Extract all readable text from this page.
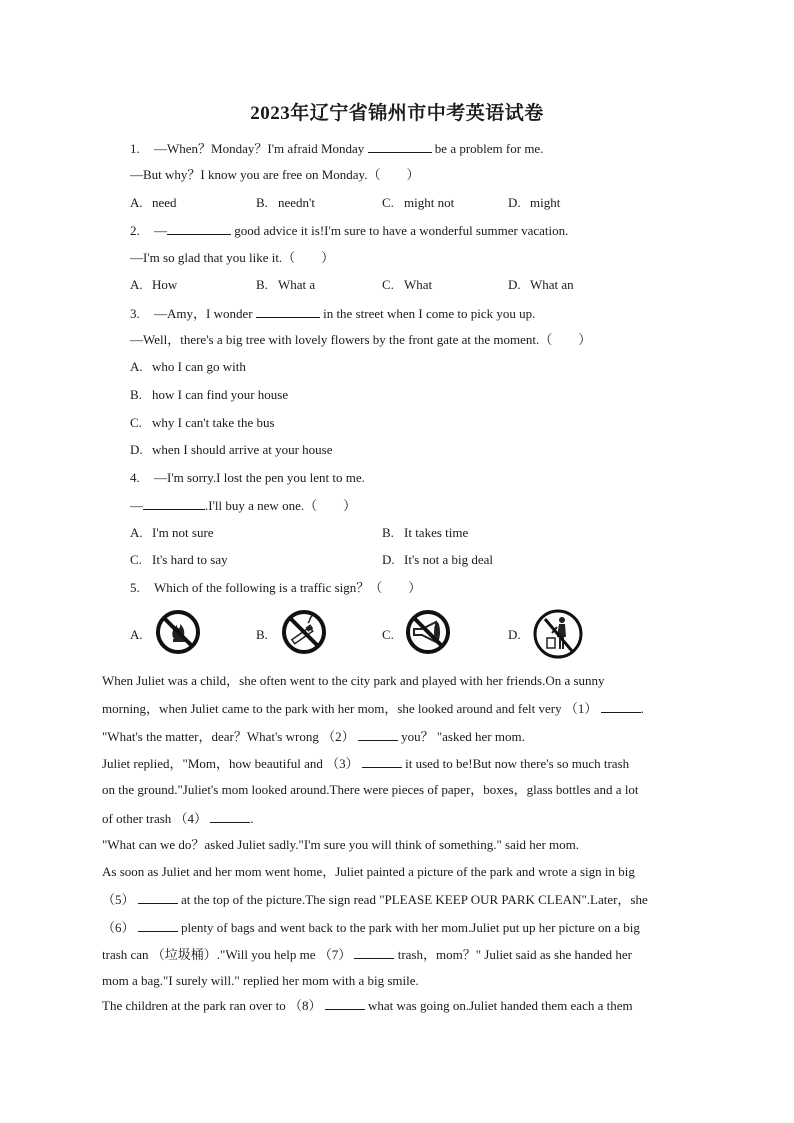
2023年辽宁省锦州市中考英语试卷
1. —When？Monday？I'm afraid Monday	be a problem for me.
—But why？I know you are free on Monday.（　　）
A. need	B. needn't	C. might not	D. might
2. —	good advice it is!I'm sure to have a wonderful summer vacation.
—I'm so glad that you like it.（　　）
A. How	B. What a	C. What	D. What an
3. —Amy，I wonder	in the street when I come to pick you up.
—Well，there's a big tree with lovely flowers by the front gate at the moment.（　　）
A. who I can go with
B. how I can find your house
C. why I can't take the bus
D. when I should arrive at your house
4. —I'm sorry.I lost the pen you lent to me.
—	.I'll buy a new one.（　　）
A. I'm not sure	B. It takes time
C. It's hard to say	D. It's not a big deal
5. Which of the following is a traffic sign？（　　）
A.	B.	C.	D.
When Juliet was a child，she often went to the city park and played with her friends.On a sunny
morning，when Juliet came to the park with her mom，she looked around and felt very （1）	.
"What's the matter，dear？What's wrong （2）	you？ "asked her mom.
Juliet replied，"Mom，how beautiful and （3）	it used to be!But now there's so much trash
on the ground."Juliet's mom looked around.There were pieces of paper，boxes，glass bottles and a lot
of other trash （4）	.
"What can we do？asked Juliet sadly."I'm sure you will think of something." said her mom.
As soon as Juliet and her mom went home，Juliet painted a picture of the park and wrote a sign in big
（5）	at the top of the picture.The sign read "PLEASE KEEP OUR PARK CLEAN".Later，she
（6）	plenty of bags and went back to the park with her mom.Juliet put up her picture on a big
trash can （垃圾桶）."Will you help me （7）	trash，mom？" Juliet said as she handed her
mom a bag."I surely will." replied her mom with a big smile.
The children at the park ran over to （8）	what was going on.Juliet handed them each a them
